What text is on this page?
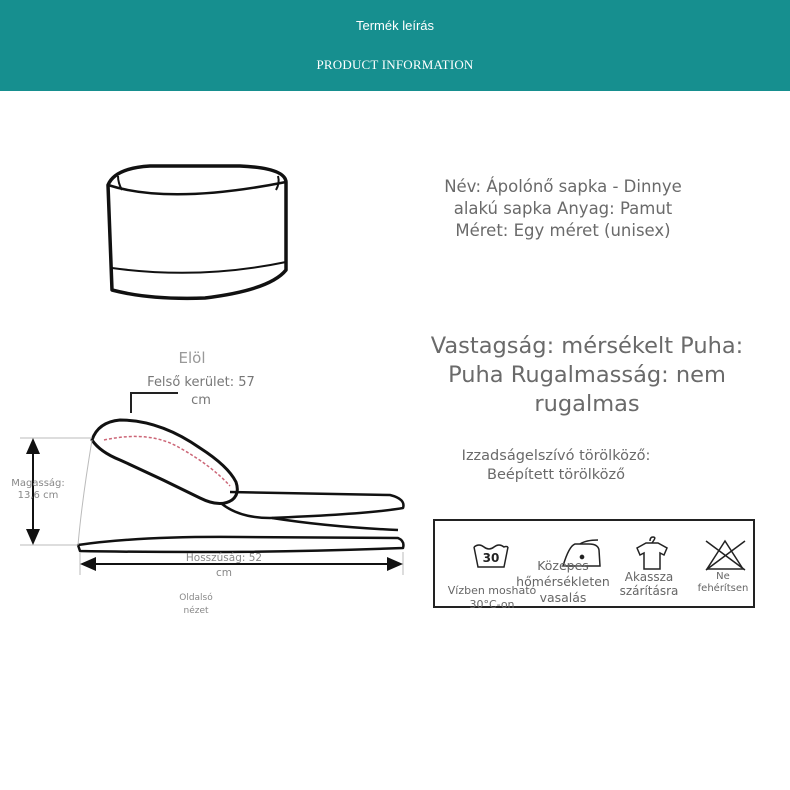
Termék leírás
PRODUCT INFORMATION
30
Név: Ápolónő sapka - Dinnye alakú sapka Anyag: Pamut Méret: Egy méret (unisex)
Vastagság: mérsékelt Puha: Puha Rugalmasság: nem rugalmas
Izzadságelszívó törölköző: Beépített törölköző
Elöl
Felső kerület: 57 cm
Magasság: 13,6 cm
Hosszúság: 52 cm
Oldalsó nézet
Vízben mosható 30°C-on
Közepes hőmérsékleten vasalás
Akassza szárításra
Ne fehérítsen
